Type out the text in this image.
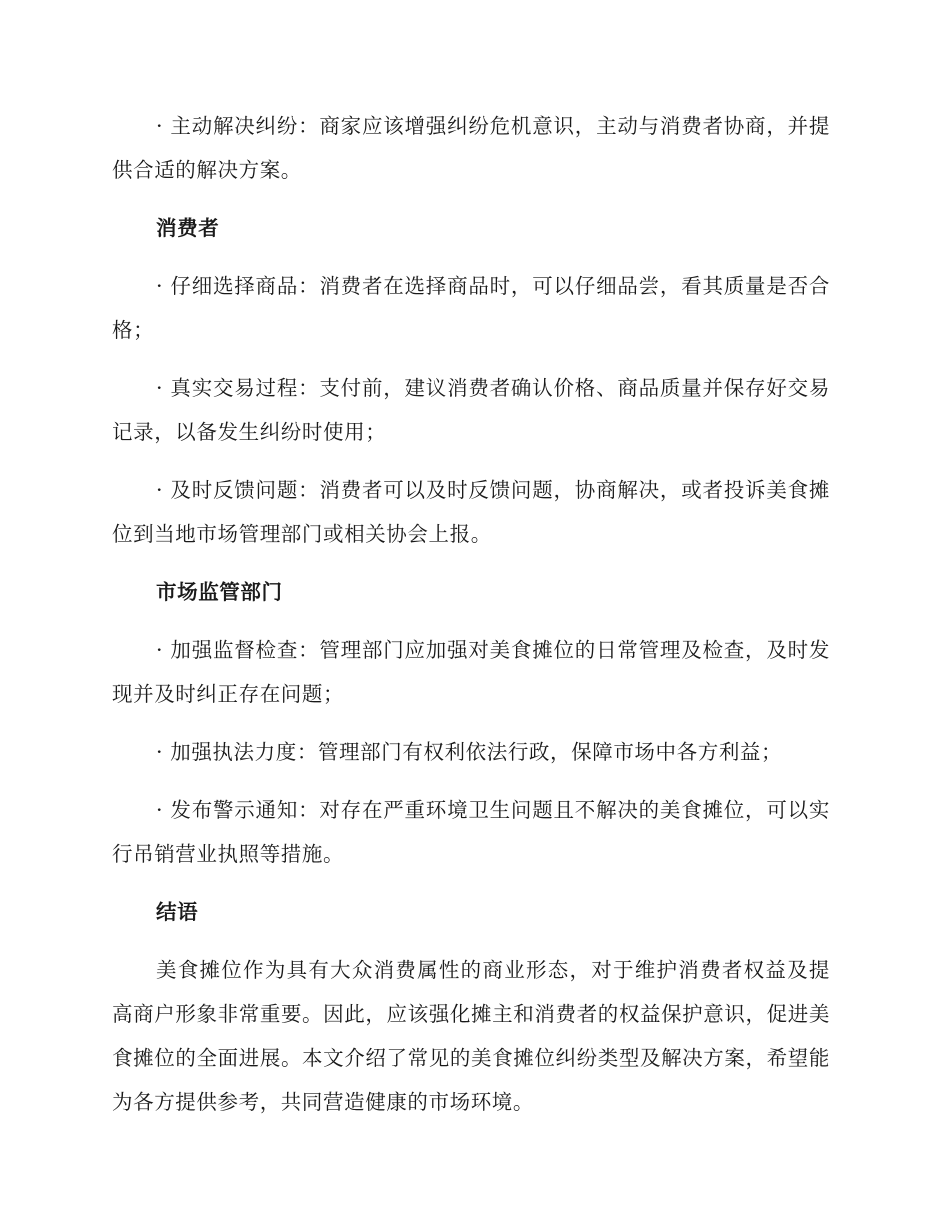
· 主动解决纠纷：商家应该增强纠纷危机意识，主动与消费者协商，并提供合适的解决方案。

消费者

· 仔细选择商品：消费者在选择商品时，可以仔细品尝，看其质量是否合格；

· 真实交易过程：支付前，建议消费者确认价格、商品质量并保存好交易记录，以备发生纠纷时使用；

· 及时反馈问题：消费者可以及时反馈问题，协商解决，或者投诉美食摊位到当地市场管理部门或相关协会上报。

市场监管部门

· 加强监督检查：管理部门应加强对美食摊位的日常管理及检查，及时发现并及时纠正存在问题；

· 加强执法力度：管理部门有权利依法行政，保障市场中各方利益；

· 发布警示通知：对存在严重环境卫生问题且不解决的美食摊位，可以实行吊销营业执照等措施。

结语

美食摊位作为具有大众消费属性的商业形态，对于维护消费者权益及提高商户形象非常重要。因此，应该强化摊主和消费者的权益保护意识，促进美食摊位的全面进展。本文介绍了常见的美食摊位纠纷类型及解决方案，希望能为各方提供参考，共同营造健康的市场环境。
